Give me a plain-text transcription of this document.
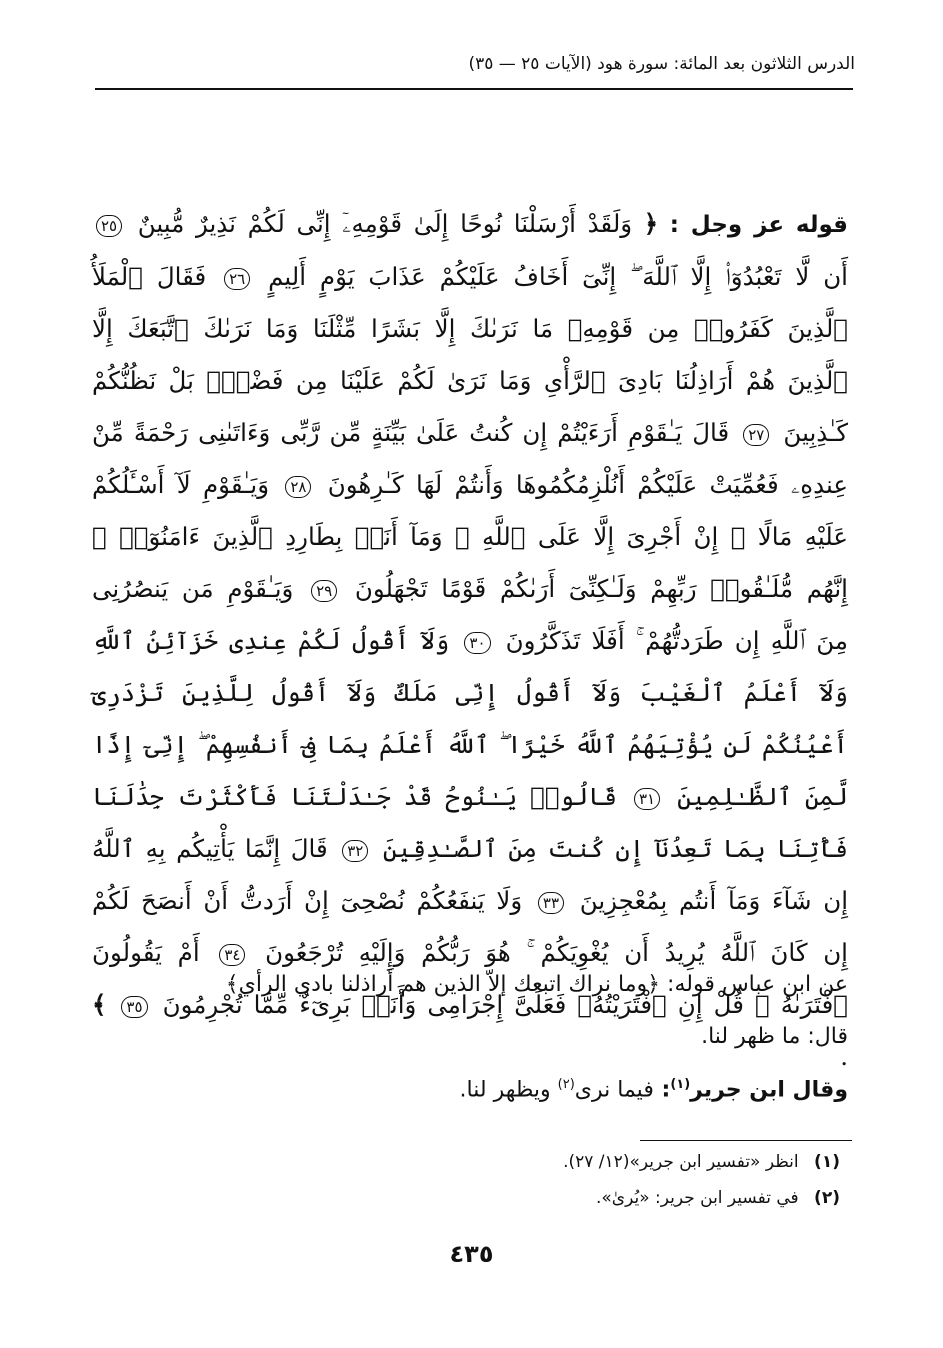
الدرس الثلاثون بعد المائة: سورة هود (الآيات ٢٥ — ٣٥)
قوله عز وجل : ﴿ وَلَقَدْ أَرْسَلْنَا نُوحًا إِلَىٰ قَوْمِهِۦٓ إِنِّى لَكُمْ نَذِيرٌ مُّبِينٌ ٢٥ أَن لَّا تَعْبُدُوٓا۟ إِلَّا ٱللَّهَ ۖ إِنِّىٓ أَخَافُ عَلَيْكُمْ عَذَابَ يَوْمٍ أَلِيمٍ ٢٦ فَقَالَ ٱلْمَلَأُ ٱلَّذِينَ كَفَرُوا۟ مِن قَوْمِهِۦ مَا نَرَىٰكَ إِلَّا بَشَرًا مِّثْلَنَا وَمَا نَرَىٰكَ ٱتَّبَعَكَ إِلَّا ٱلَّذِينَ هُمْ أَرَاذِلُنَا بَادِىَ ٱلرَّأْىِ وَمَا نَرَىٰ لَكُمْ عَلَيْنَا مِن فَضْلٍۭ بَلْ نَظُنُّكُمْ كَـٰذِبِينَ ٢٧ قَالَ يَـٰقَوْمِ أَرَءَيْتُمْ إِن كُنتُ عَلَىٰ بَيِّنَةٍ مِّن رَّبِّى وَءَاتَىٰنِى رَحْمَةً مِّنْ عِندِهِۦ فَعُمِّيَتْ عَلَيْكُمْ أَنُلْزِمُكُمُوهَا وَأَنتُمْ لَهَا كَـٰرِهُونَ ٢٨ وَيَـٰقَوْمِ لَآ أَسْـَٔلُكُمْ عَلَيْهِ مَالًا ۖ إِنْ أَجْرِىَ إِلَّا عَلَى ٱللَّهِ ۚ وَمَآ أَنَا۠ بِطَارِدِ ٱلَّذِينَ ءَامَنُوٓا۟ ۚ إِنَّهُم مُّلَـٰقُوا۟ رَبِّهِمْ وَلَـٰكِنِّىٓ أَرَىٰكُمْ قَوْمًا تَجْهَلُونَ ٢٩ وَيَـٰقَوْمِ مَن يَنصُرُنِى مِنَ ٱللَّهِ إِن طَرَدتُّهُمْ ۚ أَفَلَا تَذَكَّرُونَ ٣٠ وَلَآ أَقُولُ لَكُمْ عِندِى خَزَآئِنُ ٱللَّهِ وَلَآ أَعْلَمُ ٱلْغَيْبَ وَلَآ أَقُولُ إِنِّى مَلَكٌ وَلَآ أَقُولُ لِلَّذِينَ تَزْدَرِىٓ أَعْيُنُكُمْ لَن يُؤْتِيَهُمُ ٱللَّهُ خَيْرًا ۖ ٱللَّهُ أَعْلَمُ بِمَا فِىٓ أَنفُسِهِمْ ۖ إِنِّىٓ إِذًا لَّمِنَ ٱلظَّـٰلِمِينَ ٣١ قَالُوا۟ يَـٰنُوحُ قَدْ جَـٰدَلْتَنَا فَأَكْثَرْتَ جِدَٰلَنَا فَأْتِنَا بِمَا تَعِدُنَآ إِن كُنتَ مِنَ ٱلصَّـٰدِقِينَ ٣٢ قَالَ إِنَّمَا يَأْتِيكُم بِهِ ٱللَّهُ إِن شَآءَ وَمَآ أَنتُم بِمُعْجِزِينَ ٣٣ وَلَا يَنفَعُكُمْ نُصْحِىٓ إِنْ أَرَدتُّ أَنْ أَنصَحَ لَكُمْ إِن كَانَ ٱللَّهُ يُرِيدُ أَن يُغْوِيَكُمْ ۚ هُوَ رَبُّكُمْ وَإِلَيْهِ تُرْجَعُونَ ٣٤ أَمْ يَقُولُونَ ٱفْتَرَىٰهُ ۖ قُلْ إِنِ ٱفْتَرَيْتُهُۥ فَعَلَىَّ إِجْرَامِى وَأَنَا۠ بَرِىٓءٌ مِّمَّا تُجْرِمُونَ ٣٥ ﴾ .
عن ابن عباس قوله: ﴿وما نراك اتبعك إلاّ الذين هم أراذلنا بادي الرأي﴾
قال: ما ظهر لنا.
وقال ابن جرير$^{(١)}$: فيما نرى$^{(٢)}$ ويظهر لنا.
(١) انظر «تفسير ابن جرير»(١٢/ ٢٧).
(٢) في تفسير ابن جرير: «يُرىٰ».
٤٣٥
